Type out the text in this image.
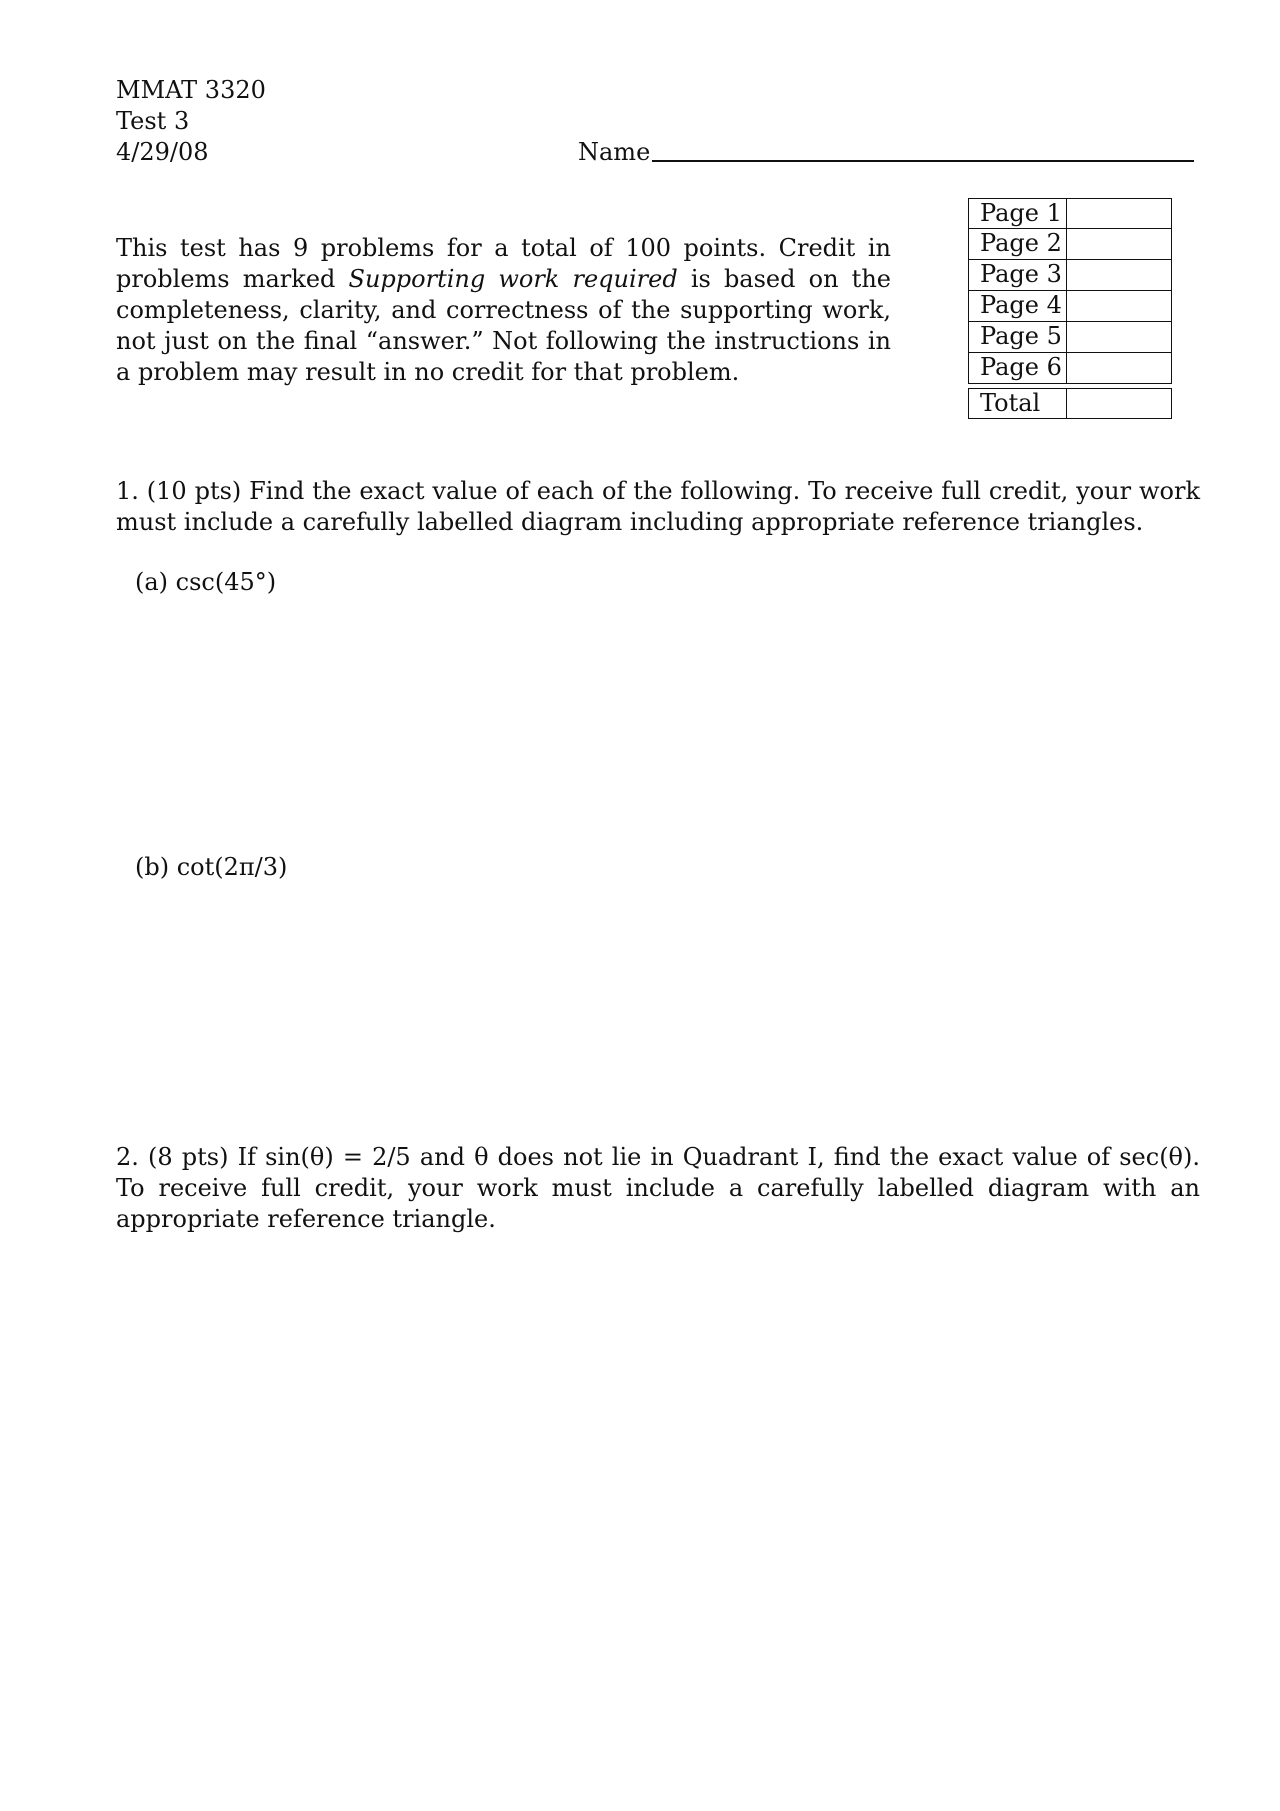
MMAT 3320
Test 3
4/29/08	Name
Page 1
Page 2
Page 3
Page 4
Page 5
Page 6
Total
This test has 9 problems for a total of 100 points. Credit in problems marked Supporting work required is based on the completeness, clarity, and correctness of the supporting work, not just on the final “answer.” Not following the instructions in a problem may result in no credit for that problem.
1. (10 pts) Find the exact value of each of the following. To receive full credit, your work must include a carefully labelled diagram including appropriate reference triangles.
(a) csc(45°)
(b) cot(2π/3)
2. (8 pts) If sin(θ) = 2/5 and θ does not lie in Quadrant I, find the exact value of sec(θ). To receive full credit, your work must include a carefully labelled diagram with an appropriate reference triangle.
